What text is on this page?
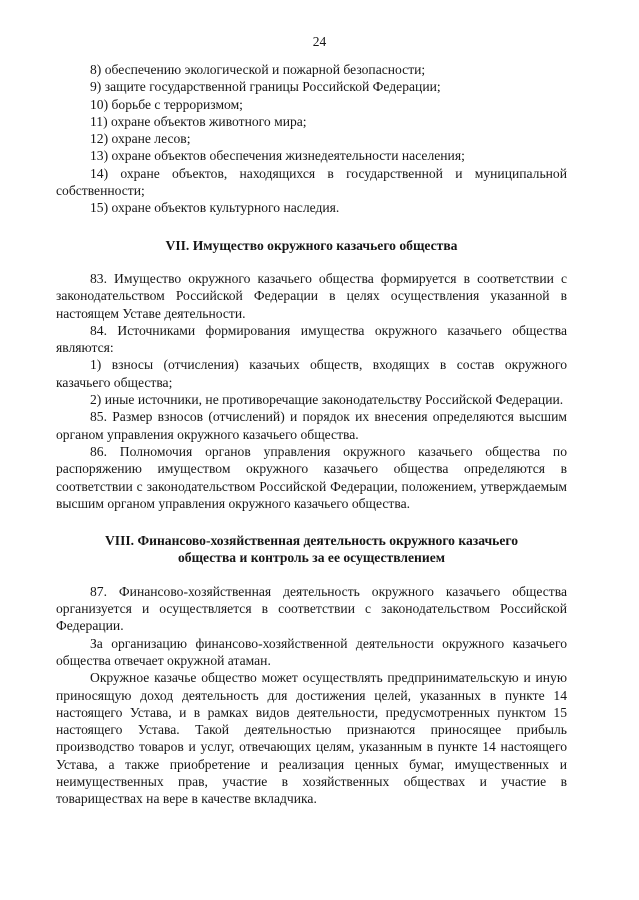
24

8) обеспечению экологической и пожарной безопасности;

9) защите государственной границы Российской Федерации;

10) борьбе с терроризмом;

11) охране объектов животного мира;

12) охране лесов;

13) охране объектов обеспечения жизнедеятельности населения;

14) охране объектов, находящихся в государственной и муниципальной собственности;

15) охране объектов культурного наследия.

VII. Имущество окружного казачьего общества

83. Имущество окружного казачьего общества формируется в соответствии с законодательством Российской Федерации в целях осуществления указанной в настоящем Уставе деятельности.

84. Источниками формирования имущества окружного казачьего общества являются:

1) взносы (отчисления) казачьих обществ, входящих в состав окружного казачьего общества;

2) иные источники, не противоречащие законодательству Российской Федерации.

85. Размер взносов (отчислений) и порядок их внесения определяются высшим органом управления окружного казачьего общества.

86. Полномочия органов управления окружного казачьего общества по распоряжению имуществом окружного казачьего общества определяются в соответствии с законодательством Российской Федерации, положением, утверждаемым высшим органом управления окружного казачьего общества.

VIII. Финансово-хозяйственная деятельность окружного казачьего
общества и контроль за ее осуществлением

87. Финансово-хозяйственная деятельность окружного казачьего общества организуется и осуществляется в соответствии с законодательством Российской Федерации.

За организацию финансово-хозяйственной деятельности окружного казачьего общества отвечает окружной атаман.

Окружное казачье общество может осуществлять предпринимательскую и иную приносящую доход деятельность для достижения целей, указанных в пункте 14 настоящего Устава, и в рамках видов деятельности, предусмотренных пунктом 15 настоящего Устава. Такой деятельностью признаются приносящее прибыль производство товаров и услуг, отвечающих целям, указанным в пункте 14 настоящего Устава, а также приобретение и реализация ценных бумаг, имущественных и неимущественных прав, участие в хозяйственных обществах и участие в товариществах на вере в качестве вкладчика.
